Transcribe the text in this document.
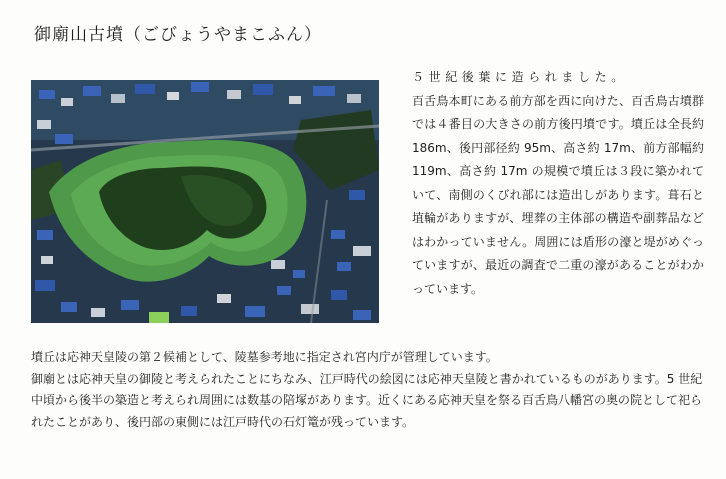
御廟山古墳（ごびょうやまこふん）

５世紀後葉に造られました。

百舌鳥本町にある前方部を西に向けた、百舌鳥古墳群では４番目の大きさの前方後円墳です。墳丘は全長約 186m、後円部径約 95m、高さ約 17m、前方部幅約 119m、高さ約 17m の規模で墳丘は３段に築かれていて、南側のくびれ部には造出しがあります。葺石と埴輪がありますが、埋葬の主体部の構造や副葬品などはわかっていません。周囲には盾形の濠と堤がめぐっていますが、最近の調査で二重の濠があることがわかっています。

墳丘は応神天皇陵の第２候補として、陵墓参考地に指定され宮内庁が管理しています。

御廟とは応神天皇の御陵と考えられたことにちなみ、江戸時代の絵図には応神天皇陵と書かれているものがあります。5 世紀中頃から後半の築造と考えられ周囲には数基の陪塚があります。近くにある応神天皇を祭る百舌鳥八幡宮の奥の院として祀られたことがあり、後円部の東側には江戸時代の石灯篭が残っています。
